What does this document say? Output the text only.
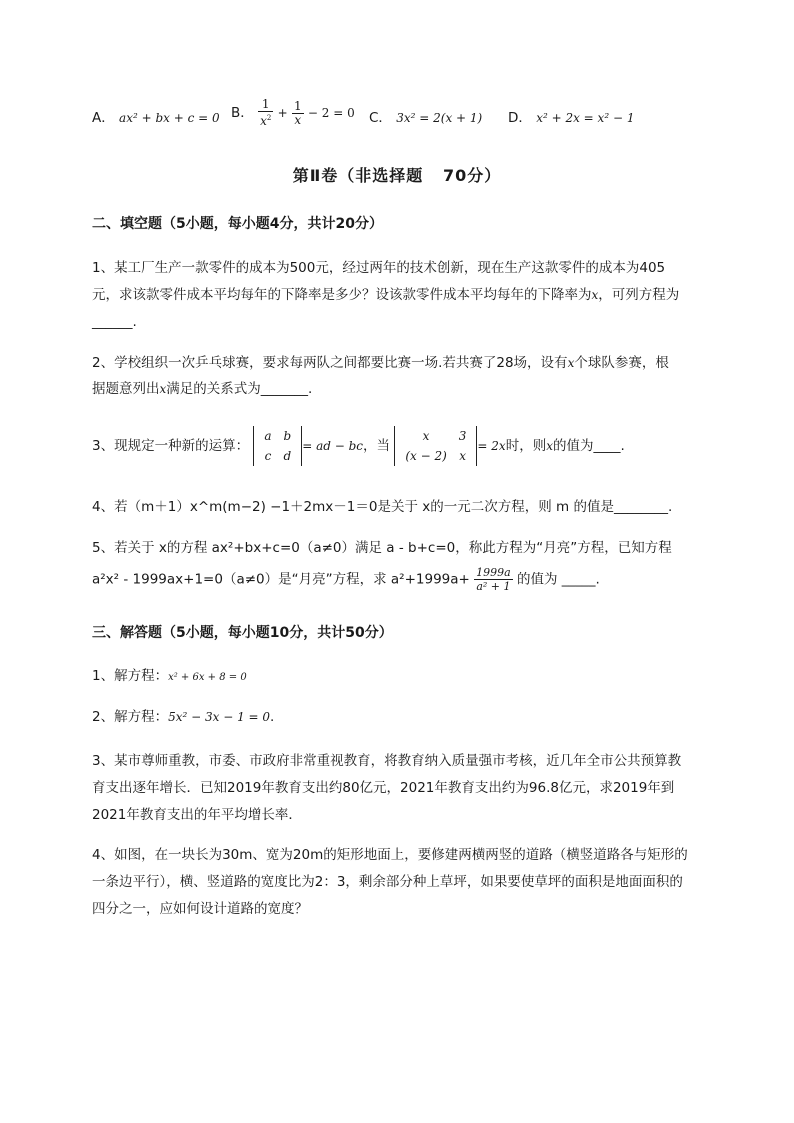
A． ax² + bx + c = 0 B． $\frac{1}{x^2} + \frac{1}{x} - 2 = 0$ C． 3x² = 2(x + 1) D． x² + 2x = x² − 1
第Ⅱ卷（非选择题   70分）
二、填空题（5小题，每小题4分，共计20分）
1、某工厂生产一款零件的成本为500元，经过两年的技术创新，现在生产这款零件的成本为405
元，求该款零件成本平均每年的下降率是多少？设该款零件成本平均每年的下降率为x，可列方程为
______.
2、学校组织一次乒乓球赛，要求每两队之间都要比赛一场.若共赛了28场，设有x个球队参赛，根
据题意列出x满足的关系式为_______.
3、现规定一种新的运算：
a	b
c	d
= ad − bc，当
x	3
(x − 2)	x
= 2x时，则x的值为____.
4、若（m＋1）x^m(m−2) −1＋2mx－1＝0是关于 x的一元二次方程，则 m 的值是________.
5、若关于 x的方程 ax²+bx+c=0（a≠0）满足 a - b+c=0，称此方程为“月亮”方程，已知方程
a²x² - 1999ax+1=0（a≠0）是“月亮”方程，求 $a^2+1999a+ \frac{1999a}{\text{a² + 1}}$ 的值为 _____.
三、解答题（5小题，每小题10分，共计50分）
1、解方程：x² + 6x + 8 = 0
2、解方程：5x² − 3x − 1 = 0.
3、某市尊师重教，市委、市政府非常重视教育，将教育纳入质量强市考核，近几年全市公共预算教
育支出逐年增长．已知2019年教育支出约80亿元，2021年教育支出约为96.8亿元，求2019年到
2021年教育支出的年平均增长率．
4、如图，在一块长为30m、宽为20m的矩形地面上，要修建两横两竖的道路（横竖道路各与矩形的
一条边平行），横、竖道路的宽度比为2：3，剩余部分种上草坪，如果要使草坪的面积是地面面积的
四分之一，应如何设计道路的宽度？
